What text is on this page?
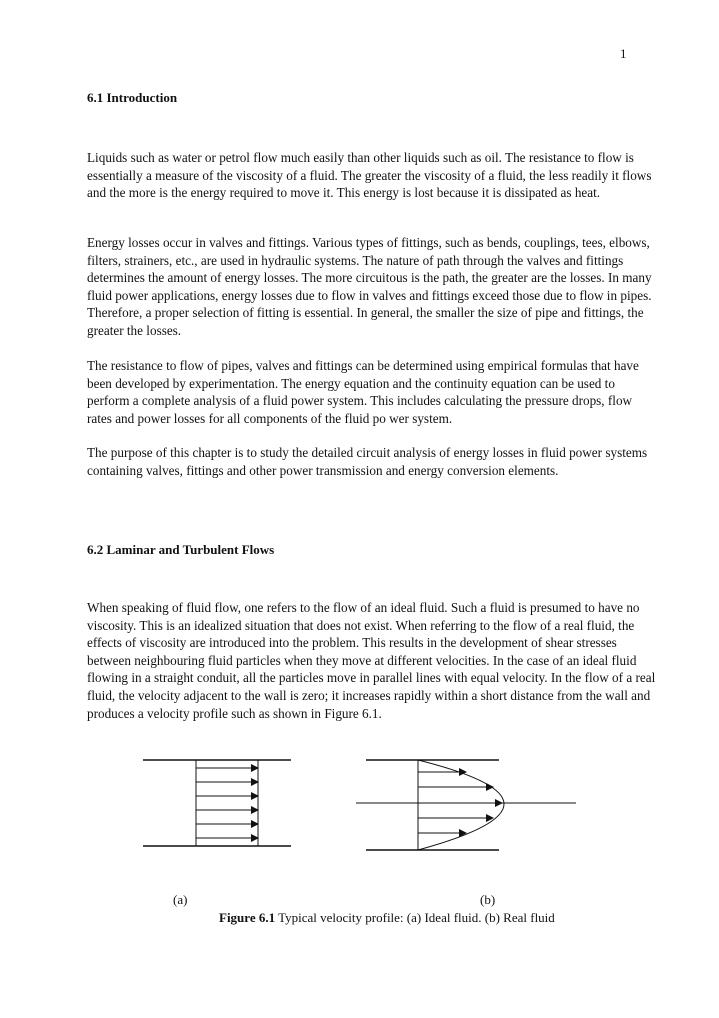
1
6.1 Introduction

Liquids such as water or petrol flow much easily than other liquids such as oil. The resistance to flow is essentially a measure of the viscosity of a fluid. The greater the viscosity of a fluid, the less readily it flows and the more is the energy required to move it. This energy is lost because it is dissipated as heat.

Energy losses occur in valves and fittings. Various types of fittings, such as bends, couplings, tees, elbows, filters, strainers, etc., are used in hydraulic systems. The nature of path through the valves and fittings determines the amount of energy losses. The more circuitous is the path, the greater are the losses. In many fluid power applications, energy losses due to flow in valves and fittings exceed those due to flow in pipes. Therefore, a proper selection of fitting is essential. In general, the smaller the size of pipe and fittings, the greater the losses.

The resistance to flow of pipes, valves and fittings can be determined using empirical formulas that have been developed by experimentation. The energy equation and the continuity equation can be used to perform a complete analysis of a fluid power system. This includes calculating the pressure drops, flow rates and power losses for all components of the fluid po wer system.

The purpose of this chapter is to study the detailed circuit analysis of energy losses in fluid power systems containing valves, fittings and other power transmission and energy conversion elements.

6.2 Laminar and Turbulent Flows

When speaking of fluid flow, one refers to the flow of an ideal fluid. Such a fluid is presumed to have no viscosity. This is an idealized situation that does not exist. When referring to the flow of a real fluid, the effects of viscosity are introduced into the problem. This results in the development of shear stresses between neighbouring fluid particles when they move at different velocities. In the case of an ideal fluid flowing in a straight conduit, all the particles move in parallel lines with equal velocity. In the flow of a real fluid, the velocity adjacent to the wall is zero; it increases rapidly within a short distance from the wall and produces a velocity profile such as shown in Figure 6.1.

(a)	(b)
Figure 6.1 Typical velocity profile: (a) Ideal fluid. (b) Real fluid
